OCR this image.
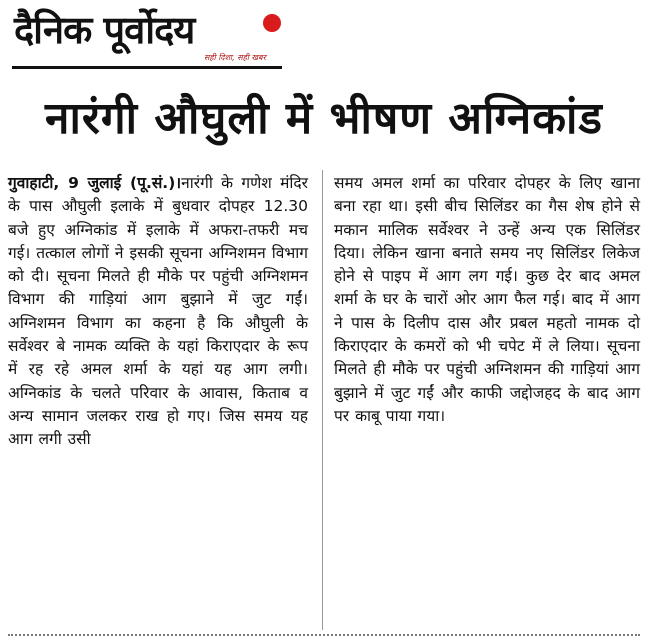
दैनिक पूर्वोदय
सही दिशा, सही खबर
नारंगी औघुली में भीषण अग्निकांड

गुवाहाटी, 9 जुलाई (पू.सं.)।नारंगी के गणेश मंदिर के पास औघुली इलाके में बुधवार दोपहर 12.30 बजे हुए अग्निकांड में इलाके में अफरा-तफरी मच गई। तत्काल लोगों ने इसकी सूचना अग्निशमन विभाग को दी। सूचना मिलते ही मौके पर पहुंची अग्निशमन विभाग की गाड़ियां आग बुझाने में जुट गईं। अग्निशमन विभाग का कहना है कि औघुली के सर्वेश्वर बे नामक व्यक्ति के यहां किराएदार के रूप में रह रहे अमल शर्मा के यहां यह आग लगी। अग्निकांड के चलते परिवार के आवास, किताब व अन्य सामान जलकर राख हो गए। जिस समय यह आग लगी उसी

समय अमल शर्मा का परिवार दोपहर के लिए खाना बना रहा था। इसी बीच सिलिंडर का गैस शेष होने से मकान मालिक सर्वेश्वर ने उन्हें अन्य एक सिलिंडर दिया। लेकिन खाना बनाते समय नए सिलिंडर लिकेज होने से पाइप में आग लग गई। कुछ देर बाद अमल शर्मा के घर के चारों ओर आग फैल गई। बाद में आग ने पास के दिलीप दास और प्रबल महतो नामक दो किराएदार के कमरों को भी चपेट में ले लिया। सूचना मिलते ही मौके पर पहुंची अग्निशमन की गाड़ियां आग बुझाने में जुट गईं और काफी जद्दोजहद के बाद आग पर काबू पाया गया।
